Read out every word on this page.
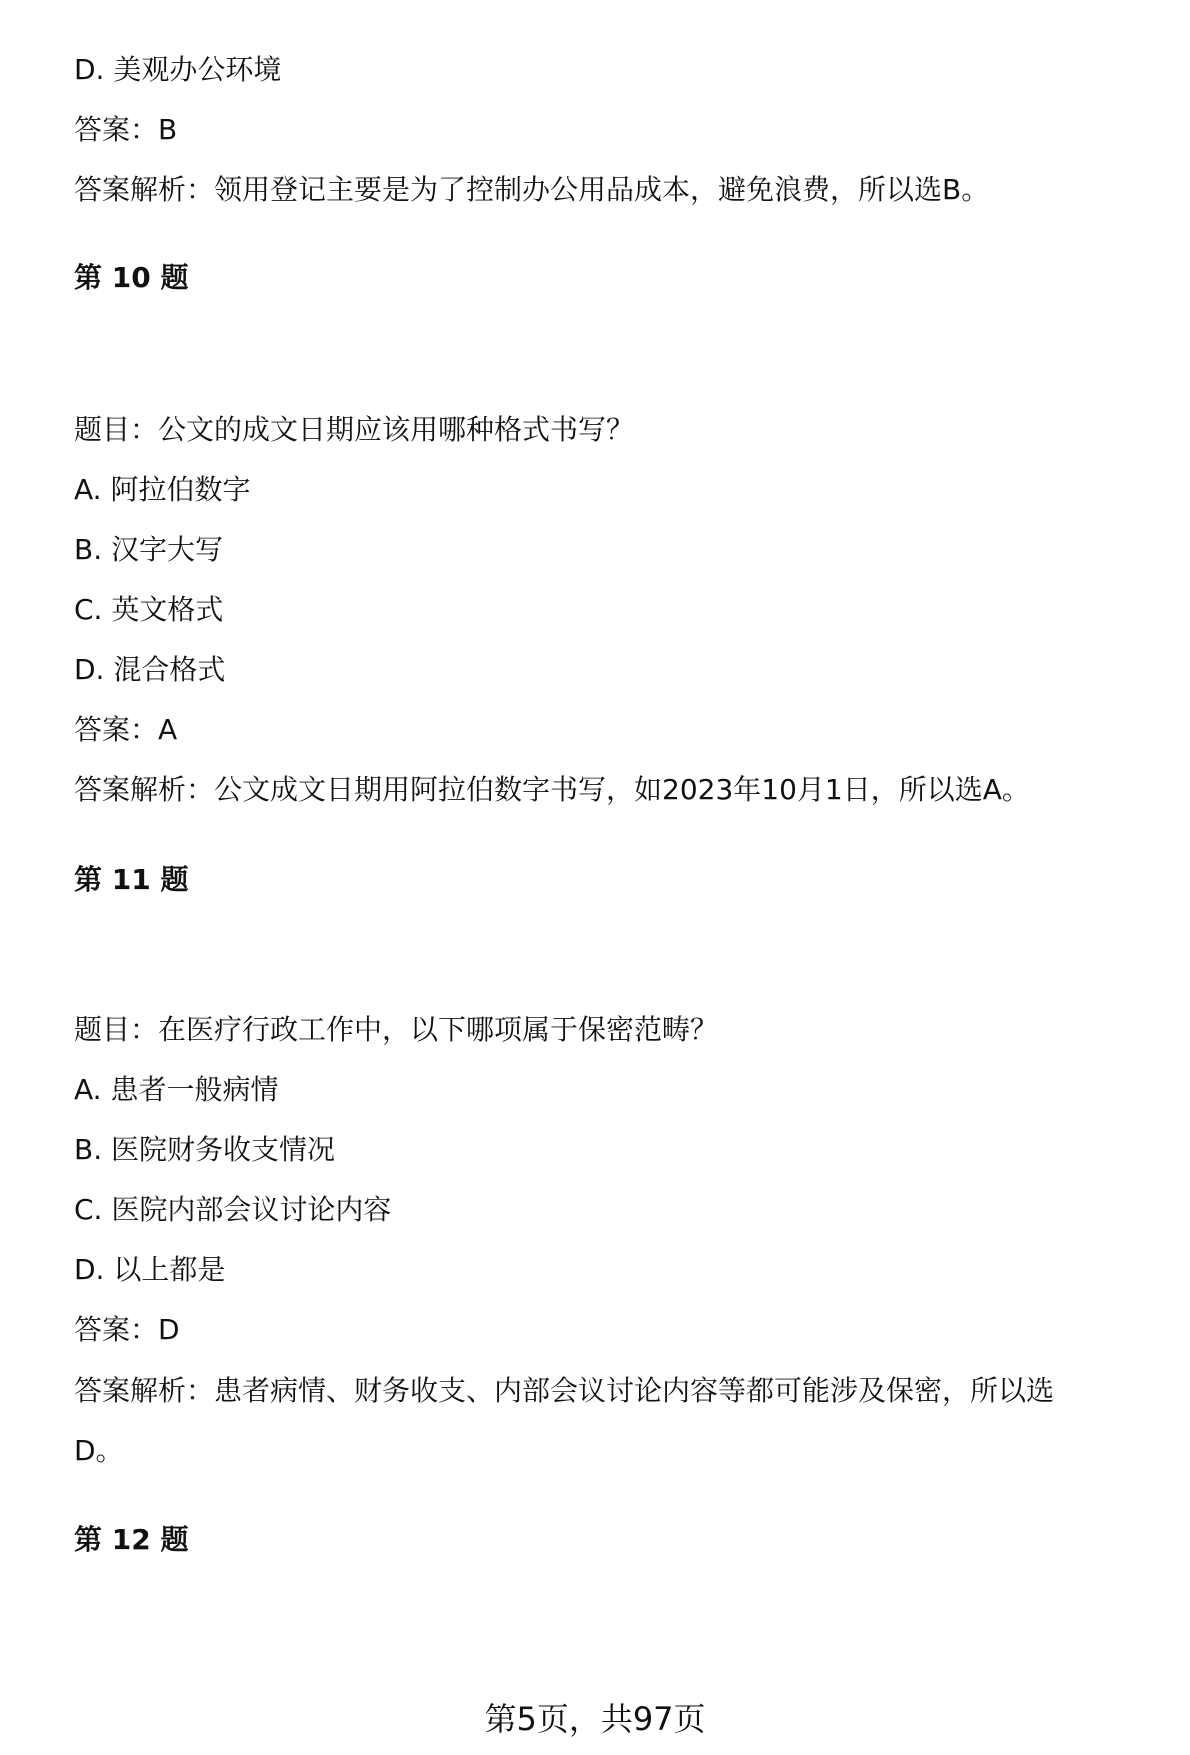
D. 美观办公环境
答案：B
答案解析：领用登记主要是为了控制办公用品成本，避免浪费，所以选B。
第 10 题
题目：公文的成文日期应该用哪种格式书写？
A. 阿拉伯数字
B. 汉字大写
C. 英文格式
D. 混合格式
答案：A
答案解析：公文成文日期用阿拉伯数字书写，如2023年10月1日，所以选A。
第 11 题
题目：在医疗行政工作中，以下哪项属于保密范畴？
A. 患者一般病情
B. 医院财务收支情况
C. 医院内部会议讨论内容
D. 以上都是
答案：D
答案解析：患者病情、财务收支、内部会议讨论内容等都可能涉及保密，所以选
D。
第 12 题
第5页，共97页
